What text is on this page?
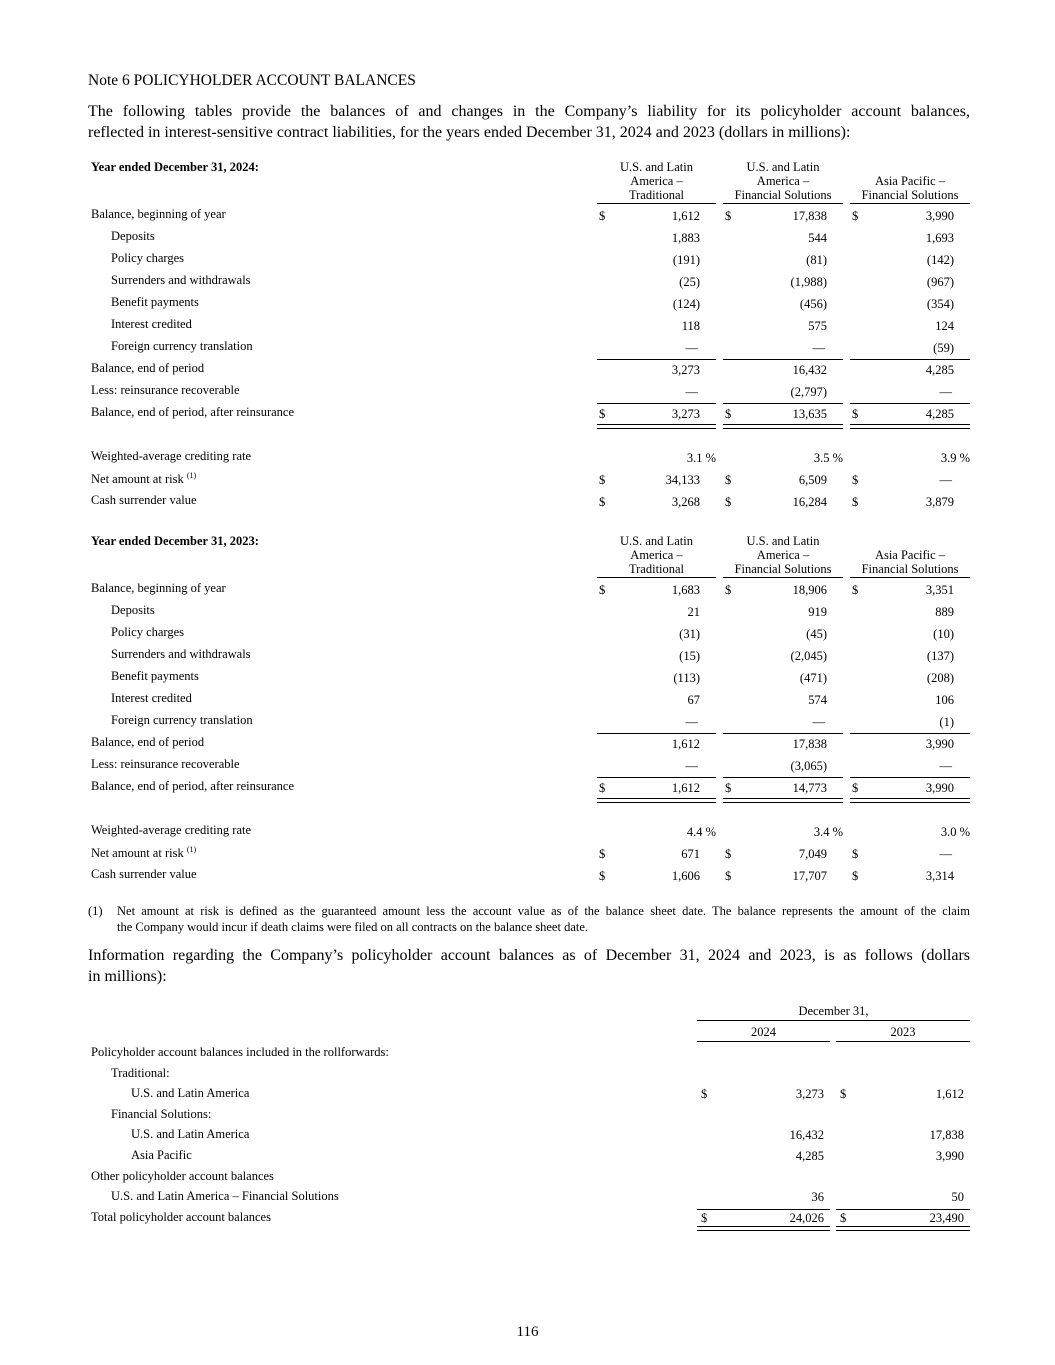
Note 6 POLICYHOLDER ACCOUNT BALANCES
The following tables provide the balances of and changes in the Company’s liability for its policyholder account balances,
reflected in interest-sensitive contract liabilities, for the years ended December 31, 2024 and 2023 (dollars in millions):
Year ended December 31, 2024:	U.S. and Latin
America –
Traditional
U.S. and Latin
America –
Financial Solutions
Asia Pacific –
Financial Solutions
Balance, beginning of year	$	1,612 $	17,838 $	3,990
Deposits	1,883	544	1,693
Policy charges	(191)	(81)	(142)
Surrenders and withdrawals	(25)	(1,988)	(967)
Benefit payments	(124)	(456)	(354)
Interest credited	118	575	124
Foreign currency translation	—	—	(59)
Balance, end of period	3,273	16,432	4,285
Less: reinsurance recoverable	—	(2,797)	—
Balance, end of period, after reinsurance	$	3,273 $	13,635 $	4,285
Weighted-average crediting rate	3.1 %	3.5 %	3.9 %
Net amount at risk $^{(1)}$	$	34,133 $	6,509 $	—
Cash surrender value	$	3,268 $	16,284 $	3,879
Year ended December 31, 2023:	U.S. and Latin
America –
Traditional
U.S. and Latin
America –
Financial Solutions
Asia Pacific –
Financial Solutions
Balance, beginning of year	$	1,683 $	18,906 $	3,351
Deposits	21	919	889
Policy charges	(31)	(45)	(10)
Surrenders and withdrawals	(15)	(2,045)	(137)
Benefit payments	(113)	(471)	(208)
Interest credited	67	574	106
Foreign currency translation	—	—	(1)
Balance, end of period	1,612	17,838	3,990
Less: reinsurance recoverable	—	(3,065)	—
Balance, end of period, after reinsurance	$	1,612 $	14,773 $	3,990
Weighted-average crediting rate	4.4 %	3.4 %	3.0 %
Net amount at risk $^{(1)}$	$	671 $	7,049 $	—
Cash surrender value	$	1,606 $	17,707 $	3,314
(1) Net amount at risk is defined as the guaranteed amount less the account value as of the balance sheet date. The balance represents the amount of the claim
the Company would incur if death claims were filed on all contracts on the balance sheet date.
Information regarding the Company’s policyholder account balances as of December 31, 2024 and 2023, is as follows (dollars
in millions):
December 31,
2024	2023
Policyholder account balances included in the rollforwards:
Traditional:
U.S. and Latin America	$	3,273 $	1,612
Financial Solutions:
U.S. and Latin America	16,432	17,838
Asia Pacific	4,285	3,990
Other policyholder account balances
U.S. and Latin America – Financial Solutions	36	50
Total policyholder account balances	$	24,026 $	23,490
116
